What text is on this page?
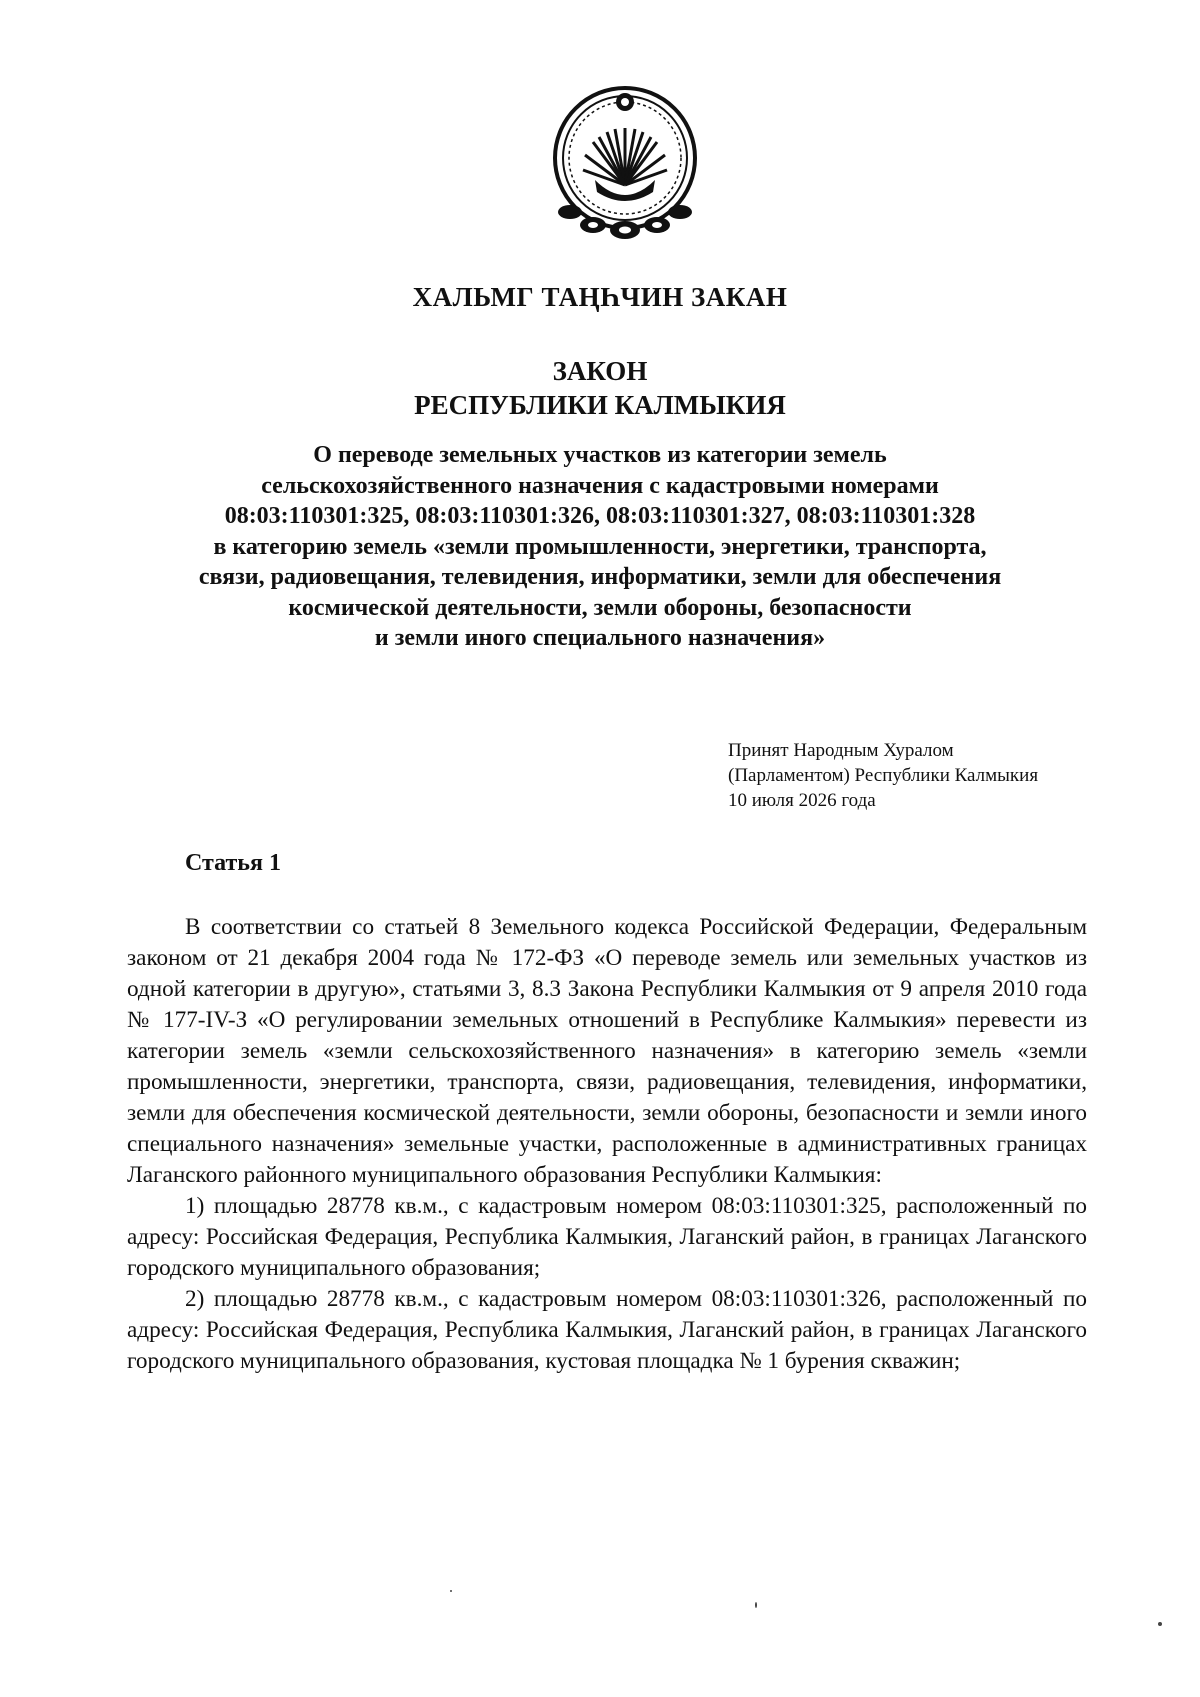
ХАЛЬМГ ТАҢҺЧИН ЗАКАН
ЗАКОН
РЕСПУБЛИКИ КАЛМЫКИЯ
О переводе земельных участков из категории земель
сельскохозяйственного назначения с кадастровыми номерами
08:03:110301:325, 08:03:110301:326, 08:03:110301:327, 08:03:110301:328
в категорию земель «земли промышленности, энергетики, транспорта,
связи, радиовещания, телевидения, информатики, земли для обеспечения
космической деятельности, земли обороны, безопасности
и земли иного специального назначения»
Принят Народным Хуралом
(Парламентом) Республики Калмыкия
10 июля 2026 года
Статья 1

В соответствии со статьей 8 Земельного кодекса Российской Федерации, Федеральным законом от 21 декабря 2004 года № 172-ФЗ «О переводе земель или земельных участков из одной категории в другую», статьями 3, 8.3 Закона Республики Калмыкия от 9 апреля 2010 года № 177-IV-З «О регулировании земельных отношений в Республике Калмыкия» перевести из категории земель «земли сельскохозяйственного назначения» в категорию земель «земли промышленности, энергетики, транспорта, связи, радиовещания, телевидения, информатики, земли для обеспечения космической деятельности, земли обороны, безопасности и земли иного специального назначения» земельные участки, расположенные в административных границах Лаганского районного муниципального образования Республики Калмыкия:

1) площадью 28778 кв.м., с кадастровым номером 08:03:110301:325, расположенный по адресу: Российская Федерация, Республика Калмыкия, Лаганский район, в границах Лаганского городского муниципального образования;

2) площадью 28778 кв.м., с кадастровым номером 08:03:110301:326, расположенный по адресу: Российская Федерация, Республика Калмыкия, Лаганский район, в границах Лаганского городского муниципального образования, кустовая площадка № 1 бурения скважин;
